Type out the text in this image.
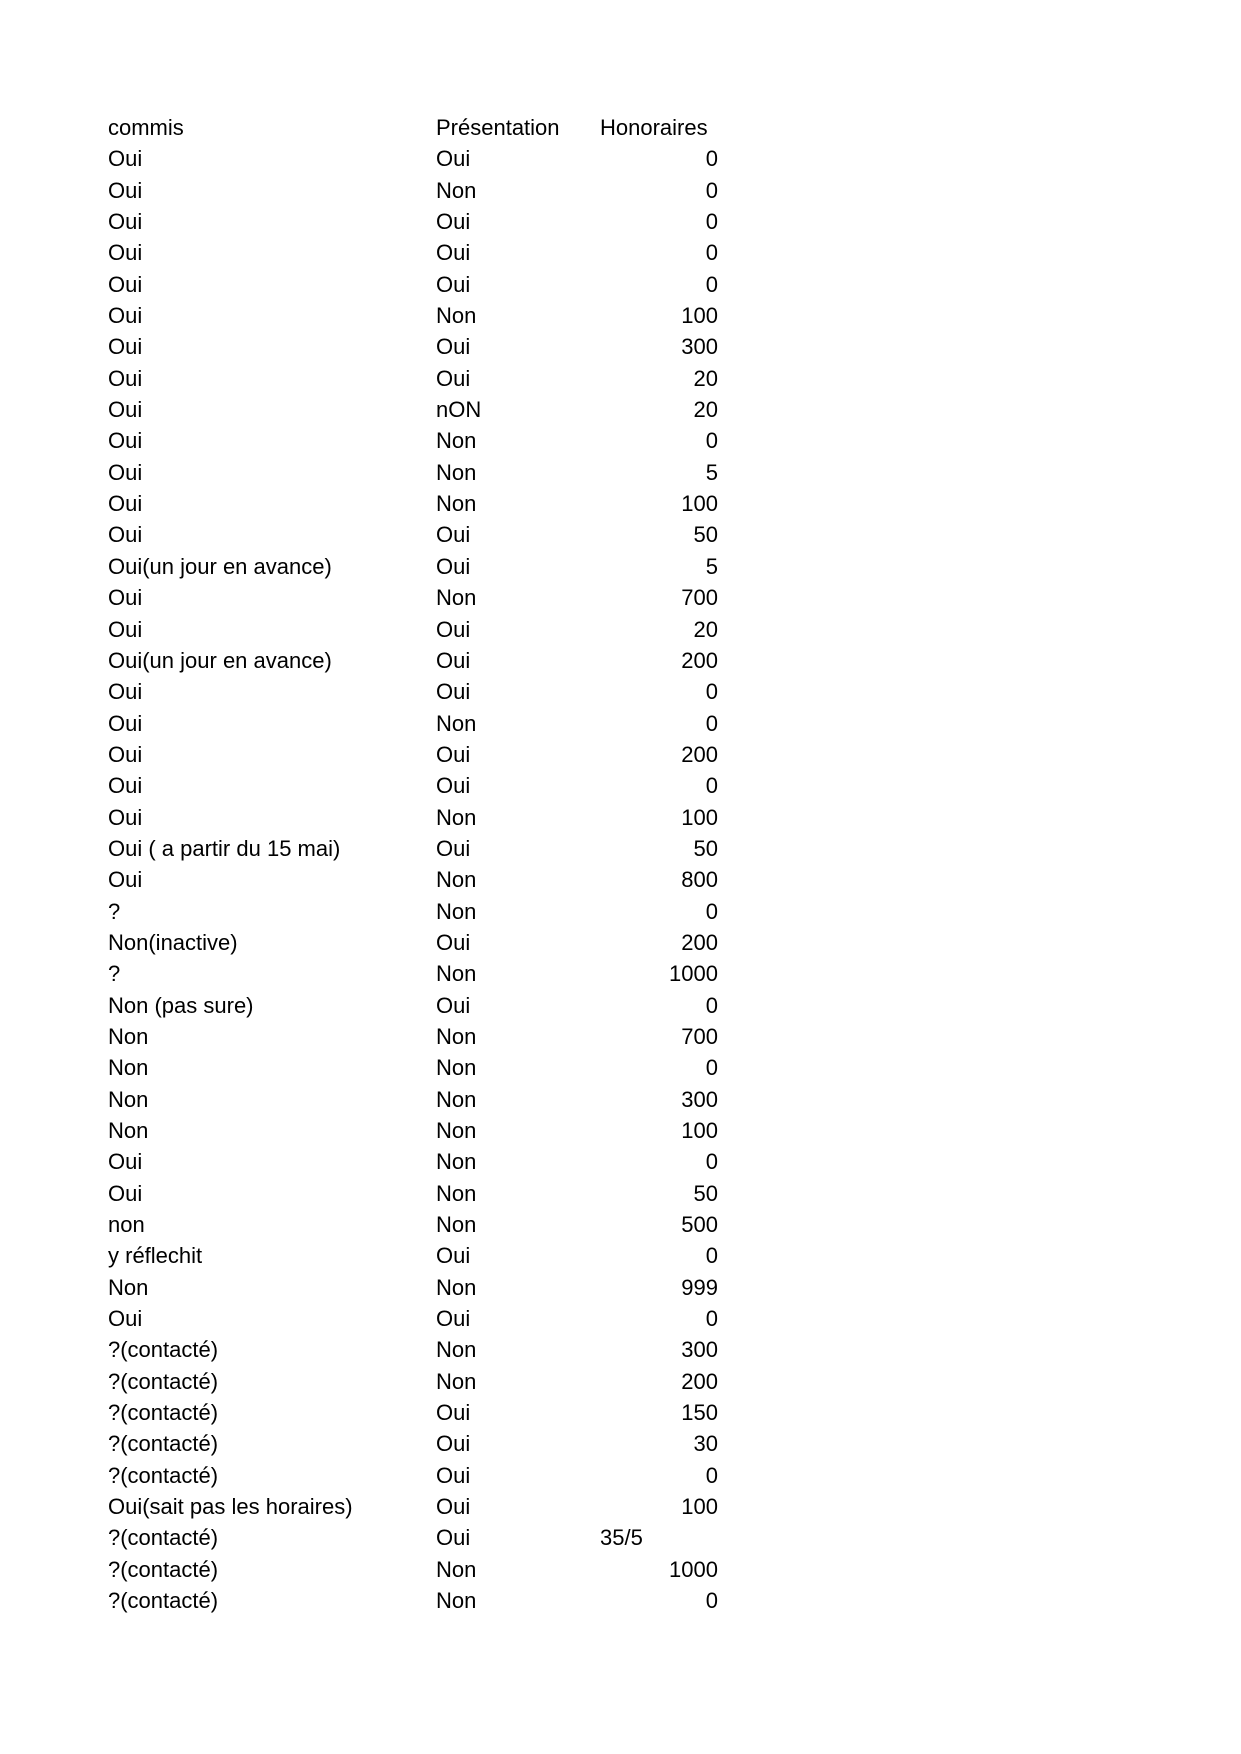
commis	Présentation	Honoraires
Oui	Oui	0
Oui	Non	0
Oui	Oui	0
Oui	Oui	0
Oui	Oui	0
Oui	Non	100
Oui	Oui	300
Oui	Oui	20
Oui	nON	20
Oui	Non	0
Oui	Non	5
Oui	Non	100
Oui	Oui	50
Oui(un jour en avance)	Oui	5
Oui	Non	700
Oui	Oui	20
Oui(un jour en avance)	Oui	200
Oui	Oui	0
Oui	Non	0
Oui	Oui	200
Oui	Oui	0
Oui	Non	100
Oui ( a partir du 15 mai)	Oui	50
Oui	Non	800
?	Non	0
Non(inactive)	Oui	200
?	Non	1000
Non (pas sure)	Oui	0
Non	Non	700
Non	Non	0
Non	Non	300
Non	Non	100
Oui	Non	0
Oui	Non	50
non	Non	500
y réflechit	Oui	0
Non	Non	999
Oui	Oui	0
?(contacté)	Non	300
?(contacté)	Non	200
?(contacté)	Oui	150
?(contacté)	Oui	30
?(contacté)	Oui	0
Oui(sait pas les horaires)	Oui	100
?(contacté)	Oui	35/5
?(contacté)	Non	1000
?(contacté)	Non	0
